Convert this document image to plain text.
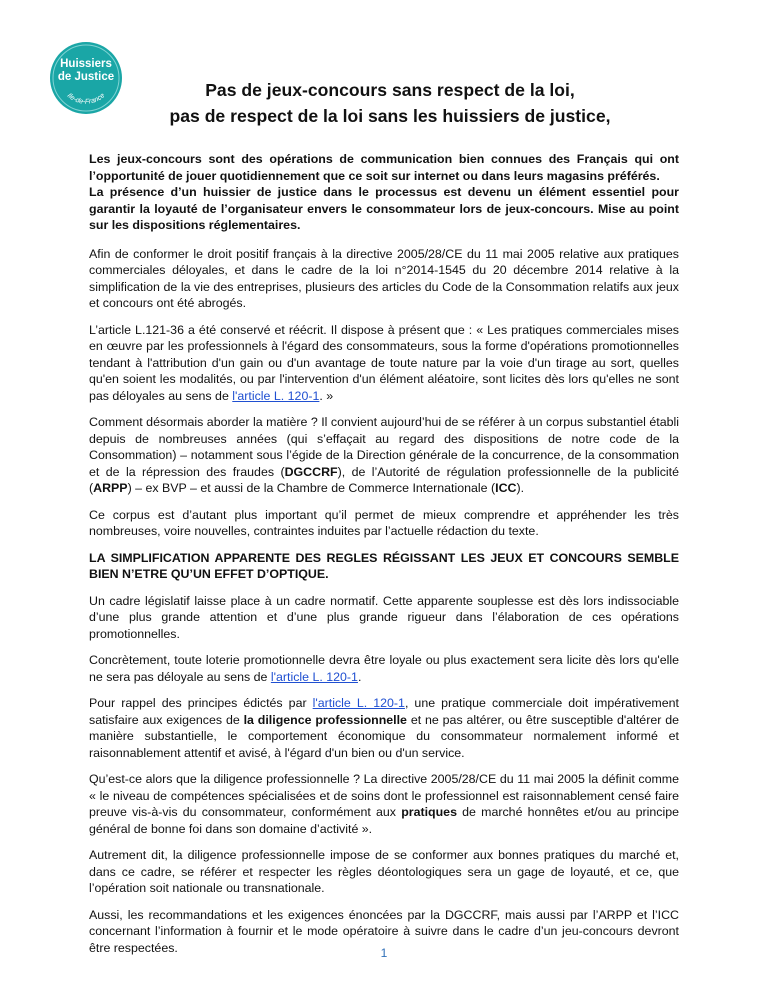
Huissiers
de Justice
Ile-de-France	Pas de jeux-concours sans respect de la loi,
pas de respect de la loi sans les huissiers de justice,

Les jeux-concours sont des opérations de communication bien connues des Français qui ont l’opportunité de jouer quotidiennement que ce soit sur internet ou dans leurs magasins préférés.
La présence d’un huissier de justice dans le processus est devenu un élément essentiel pour garantir la loyauté de l’organisateur envers le consommateur lors de jeux-concours. Mise au point sur les dispositions réglementaires.

Afin de conformer le droit positif français à la directive 2005/28/CE du 11 mai 2005 relative aux pratiques commerciales déloyales, et dans le cadre de la loi n°2014-1545 du 20 décembre 2014 relative à la simplification de la vie des entreprises, plusieurs des articles du Code de la Consommation relatifs aux jeux et concours ont été abrogés.

L’article L.121-36 a été conservé et réécrit. Il dispose à présent que : « Les pratiques commerciales mises en œuvre par les professionnels à l'égard des consommateurs, sous la forme d'opérations promotionnelles tendant à l'attribution d'un gain ou d'un avantage de toute nature par la voie d'un tirage au sort, quelles qu'en soient les modalités, ou par l'intervention d'un élément aléatoire, sont licites dès lors qu'elles ne sont pas déloyales au sens de l'article L. 120-1. »

Comment désormais aborder la matière ? Il convient aujourd’hui de se référer à un corpus substantiel établi depuis de nombreuses années (qui s’effaçait au regard des dispositions de notre code de la Consommation) – notamment sous l’égide de la Direction générale de la concurrence, de la consommation et de la répression des fraudes (DGCCRF), de l’Autorité de régulation professionnelle de la publicité (ARPP) – ex BVP – et aussi de la Chambre de Commerce Internationale (ICC).

Ce corpus est d’autant plus important qu’il permet de mieux comprendre et appréhender les très nombreuses, voire nouvelles, contraintes induites par l’actuelle rédaction du texte.

LA SIMPLIFICATION APPARENTE DES REGLES RÉGISSANT LES JEUX ET CONCOURS SEMBLE BIEN N’ETRE QU’UN EFFET D’OPTIQUE.

Un cadre législatif laisse place à un cadre normatif. Cette apparente souplesse est dès lors indissociable d’une plus grande attention et d’une plus grande rigueur dans l’élaboration de ces opérations promotionnelles.

Concrètement, toute loterie promotionnelle devra être loyale ou plus exactement sera licite dès lors qu'elle ne sera pas déloyale au sens de l'article L. 120-1.

Pour rappel des principes édictés par l'article L. 120-1, une pratique commerciale doit impérativement satisfaire aux exigences de la diligence professionnelle et ne pas altérer, ou être susceptible d'altérer de manière substantielle, le comportement économique du consommateur normalement informé et raisonnablement attentif et avisé, à l'égard d'un bien ou d'un service.

Qu’est-ce alors que la diligence professionnelle ? La directive 2005/28/CE du 11 mai 2005 la définit comme « le niveau de compétences spécialisées et de soins dont le professionnel est raisonnablement censé faire preuve vis-à-vis du consommateur, conformément aux pratiques de marché honnêtes et/ou au principe général de bonne foi dans son domaine d’activité ».

Autrement dit, la diligence professionnelle impose de se conformer aux bonnes pratiques du marché et, dans ce cadre, se référer et respecter les règles déontologiques sera un gage de loyauté, et ce, que l’opération soit nationale ou transnationale.

Aussi, les recommandations et les exigences énoncées par la DGCCRF, mais aussi par l’ARPP et l’ICC concernant l’information à fournir et le mode opératoire à suivre dans le cadre d’un jeu-concours devront être respectées.	1
